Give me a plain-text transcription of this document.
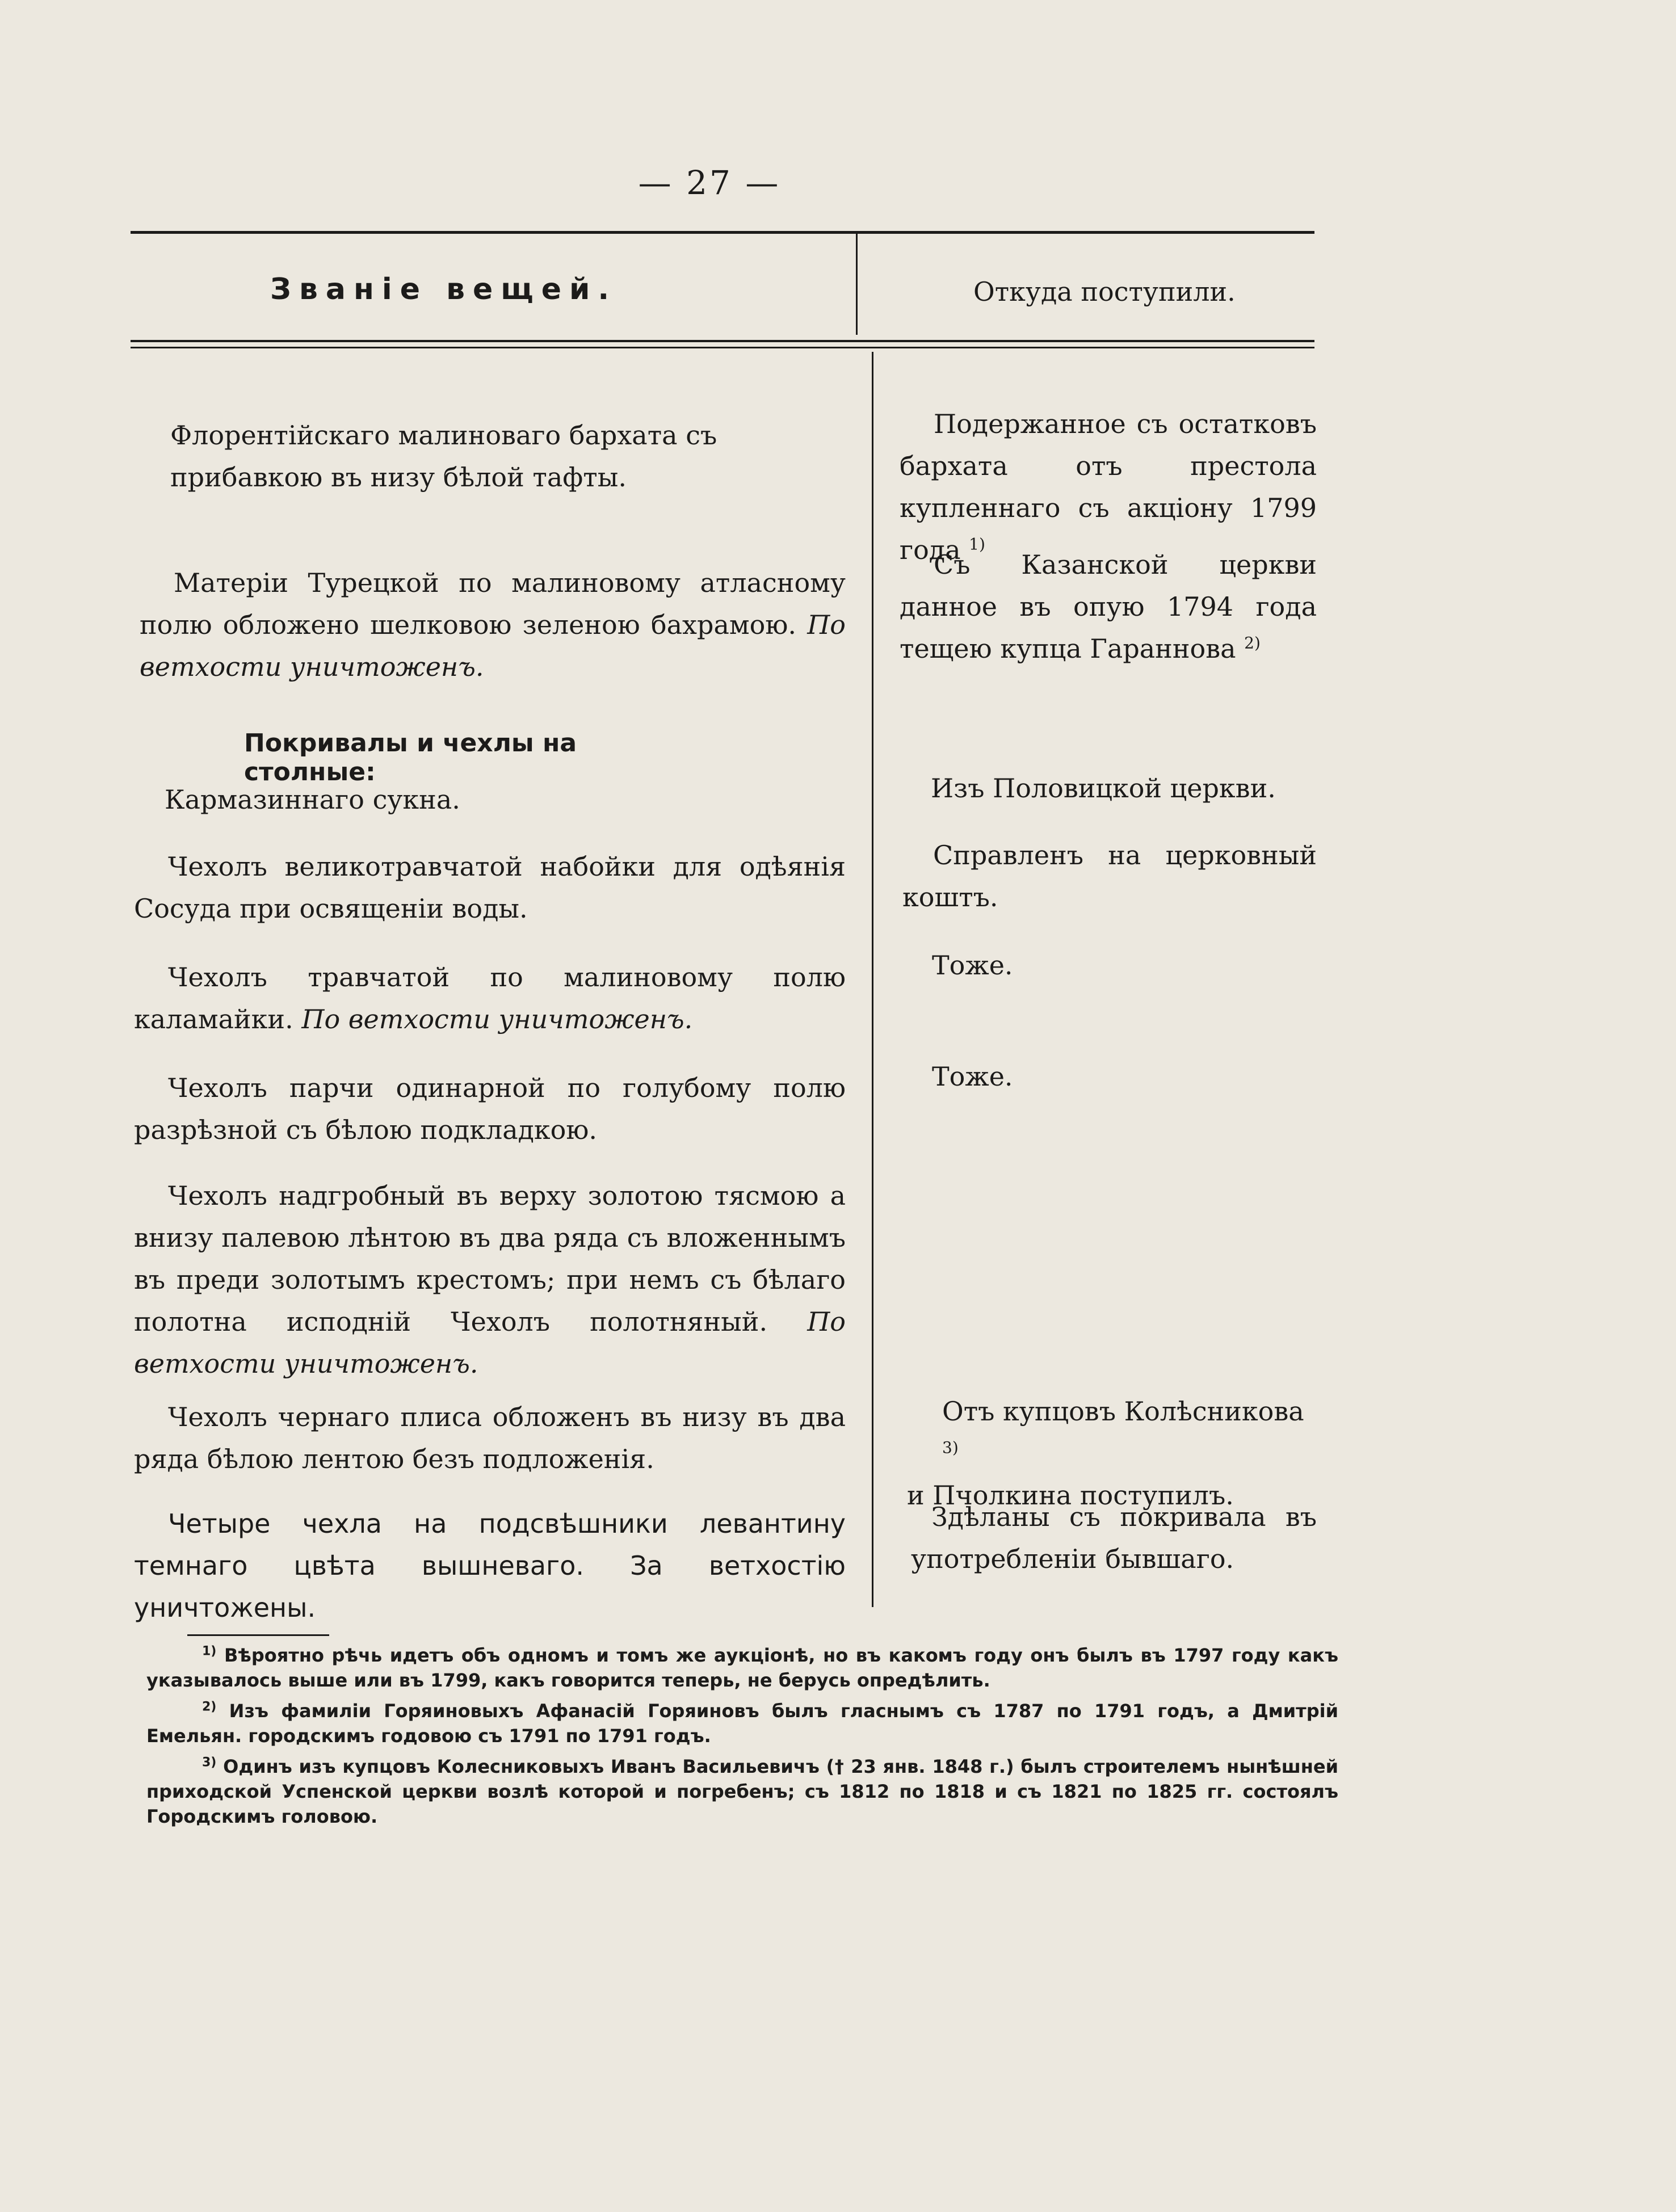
— 27 —
Званіе вещей.	Откуда поступили.

Флорентійскаго малиноваго бархата съ прибавкою въ низу бѣлой тафты.

Матеріи Турецкой по малиновому атласному полю обложено шелковою зеленою бахрамою. По ветхости уничтоженъ.

Покривалы и чехлы на столные:

Кармазиннаго сукна.

Чехолъ великотравчатой набойки для одѣянія Сосуда при освященіи воды.

Чехолъ травчатой по малиновому полю каламайки. По ветхости уничтоженъ.

Чехолъ парчи одинарной по голубому полю разрѣзной съ бѣлою подкладкою.

Чехолъ надгробный въ верху золотою тясмою а внизу палевою лѣнтою въ два ряда съ вложеннымъ въ преди золотымъ крестомъ; при немъ съ бѣлаго полотна исподній Чехолъ полотняный. По ветхости уничтоженъ.

Чехолъ чернаго плиса обложенъ въ низу въ два ряда бѣлою лентою безъ подложенія.

Четыре чехла на подсвѣшники левантину темнаго цвѣта вышневаго. За ветхостію уничтожены.

Подержанное съ остатковъ бархата отъ престола купленнаго съ акціону 1799 года $^{1)}$

Съ Казанской церкви данное въ опую 1794 года тещею купца Гараннова $^{2)}$

Изъ Половицкой церкви.

Справленъ на церковный коштъ.

Тоже.

Тоже.

Отъ купцовъ Колѣсникова $^{3)}$

и Пчолкина поступилъ.

Здѣланы съ покривала въ употребленіи бывшаго.

$^{1)}$ Вѣроятно рѣчь идетъ объ одномъ и томъ же аукціонѣ, но въ какомъ году онъ былъ въ 1797 году какъ указывалось выше или въ 1799, какъ говорится теперь, не берусь опредѣлить.
$^{2)}$ Изъ фамиліи Горяиновыхъ Афанасій Горяиновъ былъ гласнымъ съ 1787 по 1791 годъ, а Дмитрій Емельян. городскимъ годовою съ 1791 по 1791 годъ.
$^{3)}$ Одинъ изъ купцовъ Колесниковыхъ Иванъ Васильевичъ († 23 янв. 1848 г.) былъ строителемъ нынѣшней приходской Успенской церкви возлѣ которой и погребенъ; съ 1812 по 1818 и съ 1821 по 1825 гг. состоялъ Городскимъ головою.
